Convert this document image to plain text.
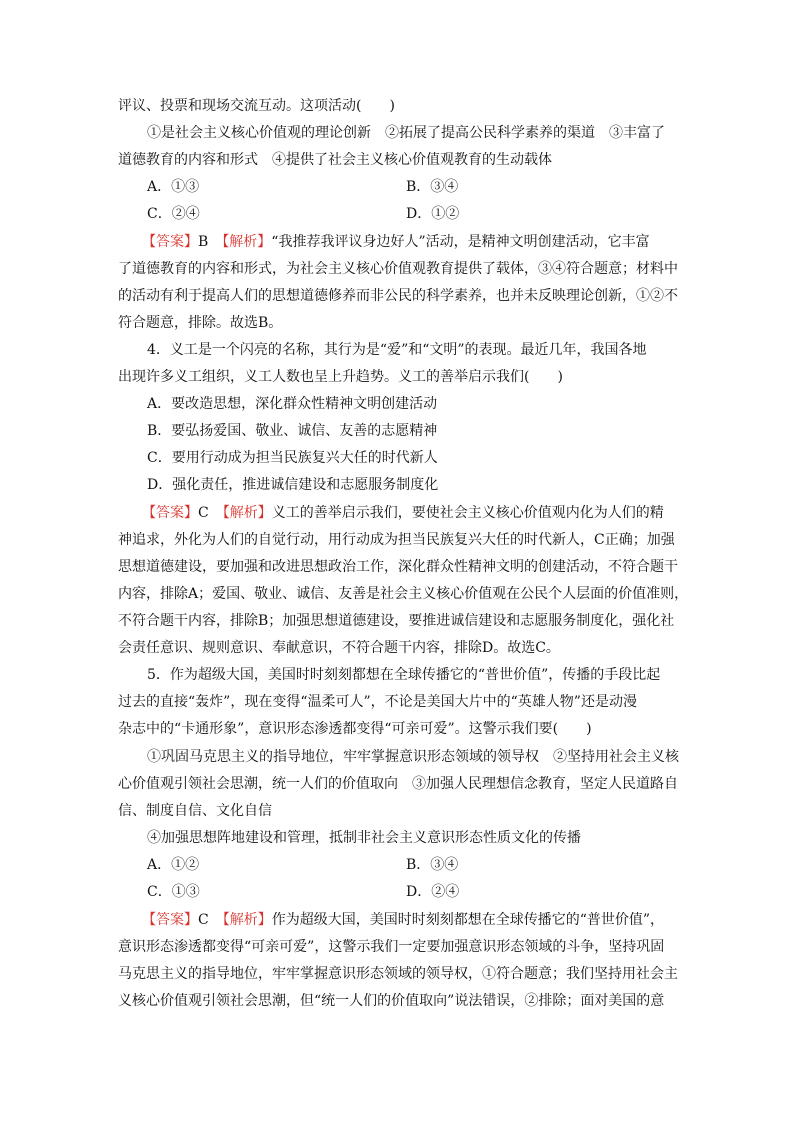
评议、投票和现场交流互动。这项活动(　　)
①是社会主义核心价值观的理论创新　②拓展了提高公民科学素养的渠道　③丰富了
道德教育的内容和形式　④提供了社会主义核心价值观教育的生动载体
A．①③	B．③④
C．②④	D．①②
【答案】B　 【解析】“我推荐我评议身边好人”活动，是精神文明创建活动，它丰富
了道德教育的内容和形式，为社会主义核心价值观教育提供了载体，③④符合题意；材料中
的活动有利于提高人们的思想道德修养而非公民的科学素养，也并未反映理论创新，①②不
符合题意，排除。故选B。
4．义工是一个闪亮的名称，其行为是“爱”和“文明”的表现。最近几年，我国各地
出现许多义工组织，义工人数也呈上升趋势。义工的善举启示我们(　　)
A．要改造思想，深化群众性精神文明创建活动
B．要弘扬爱国、敬业、诚信、友善的志愿精神
C．要用行动成为担当民族复兴大任的时代新人
D．强化责任，推进诚信建设和志愿服务制度化
【答案】C　 【解析】义工的善举启示我们，要使社会主义核心价值观内化为人们的精
神追求，外化为人们的自觉行动，用行动成为担当民族复兴大任的时代新人，C正确；加强
思想道德建设，要加强和改进思想政治工作，深化群众性精神文明的创建活动，不符合题干
内容，排除A；爱国、敬业、诚信、友善是社会主义核心价值观在公民个人层面的价值准则，
不符合题干内容，排除B；加强思想道德建设，要推进诚信建设和志愿服务制度化，强化社
会责任意识、规则意识、奉献意识，不符合题干内容，排除D。故选C。
5．作为超级大国，美国时时刻刻都想在全球传播它的“普世价值”，传播的手段比起
过去的直接“轰炸”，现在变得“温柔可人”，不论是美国大片中的“英雄人物”还是动漫
杂志中的“卡通形象”，意识形态渗透都变得“可亲可爱”。这警示我们要(　　)
①巩固马克思主义的指导地位，牢牢掌握意识形态领域的领导权　②坚持用社会主义核
心价值观引领社会思潮，统一人们的价值取向　③加强人民理想信念教育，坚定人民道路自
信、制度自信、文化自信
④加强思想阵地建设和管理，抵制非社会主义意识形态性质文化的传播
A．①②	B．③④
C．①③	D．②④
【答案】C　 【解析】作为超级大国，美国时时刻刻都想在全球传播它的“普世价值”，
意识形态渗透都变得“可亲可爱”，这警示我们一定要加强意识形态领域的斗争，坚持巩固
马克思主义的指导地位，牢牢掌握意识形态领域的领导权，①符合题意；我们坚持用社会主
义核心价值观引领社会思潮，但“统一人们的价值取向”说法错误，②排除；面对美国的意
